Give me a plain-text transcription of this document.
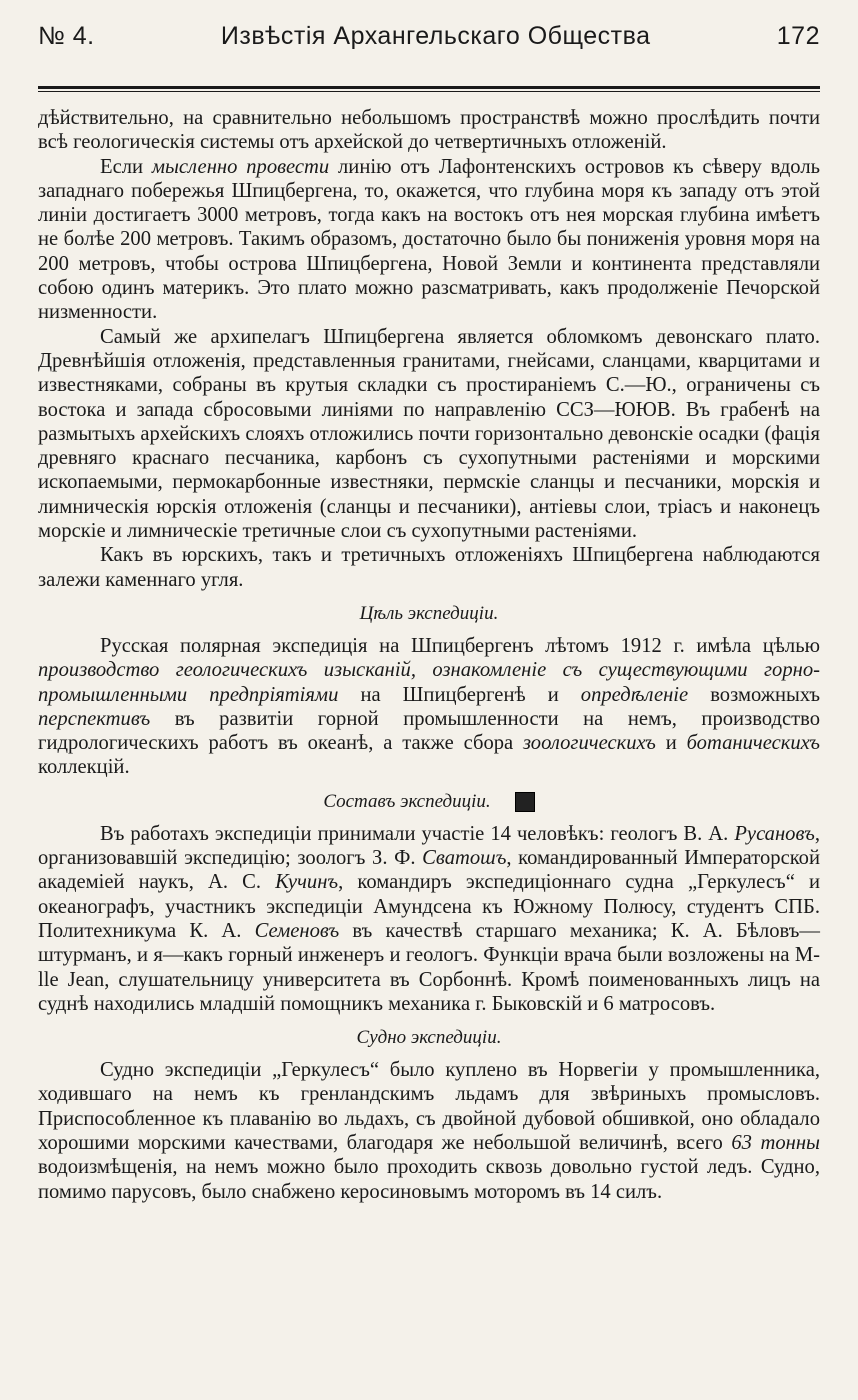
№ 4.	Извѣстія Архангельскаго Общества	172

дѣйствительно, на сравнительно небольшомъ пространствѣ можно прослѣдить почти всѣ геологическія системы отъ архейской до четвертичныхъ отложеній.

Если мысленно провести линію отъ Лафонтенскихъ островов къ сѣверу вдоль западнаго побережья Шпицбергена, то, окажется, что глубина моря къ западу отъ этой линіи достигаетъ 3000 метровъ, тогда какъ на востокъ отъ нея морская глубина имѣетъ не болѣе 200 метровъ. Такимъ образомъ, достаточно было бы пониженія уровня моря на 200 метровъ, чтобы острова Шпицбергена, Новой Земли и континента представляли собою одинъ материкъ. Это плато можно разсматривать, какъ продолженіе Печорской низменности.

Самый же архипелагъ Шпицбергена является обломкомъ девонскаго плато. Древнѣйшія отложенія, представленныя гранитами, гнейсами, сланцами, кварцитами и известняками, собраны въ крутыя складки съ простираніемъ С.—Ю., ограничены съ востока и запада сбросовыми линіями по направленію ССЗ—ЮЮВ. Въ грабенѣ на размытыхъ архейскихъ слояхъ отложились почти горизонтально девонскіе осадки (фація древняго краснаго песчаника, карбонъ съ сухопутными растеніями и морскими ископаемыми, пермокарбонные известняки, пермскіе сланцы и песчаники, морскія и лимническія юрскія отложенія (сланцы и песчаники), антіевы слои, тріасъ и наконецъ морскіе и лимническіе третичные слои съ сухопутными растеніями.

Какъ въ юрскихъ, такъ и третичныхъ отложеніяхъ Шпицбергена наблюдаются залежи каменнаго угля.

Цѣль экспедиціи.

Русская полярная экспедиція на Шпицбергенъ лѣтомъ 1912 г. имѣла цѣлью производство геологическихъ изысканій, ознакомленіе съ существующими горно-промышленными предпріятіями на Шпицбергенѣ и опредѣленіе возможныхъ перспективъ въ развитіи горной промышленности на немъ, производство гидрологическихъ работъ въ океанѣ, а также сбора зоологическихъ и ботаническихъ коллекцій.

Составъ экспедиціи.

Въ работахъ экспедиціи принимали участіе 14 человѣкъ: геологъ В. А. Русановъ, организовавшій экспедицію; зоологъ З. Ф. Сватошъ, командированный Императорской академіей наукъ, А. С. Кучинъ, командиръ экспедиціоннаго судна „Геркулесъ“ и океанографъ, участникъ экспедиціи Амундсена къ Южному Полюсу, студентъ СПБ. Политехникума К. А. Семеновъ въ качествѣ старшаго механика; К. А. Бѣловъ—штурманъ, и я—какъ горный инженеръ и геологъ. Функціи врача были возложены на M-lle Jean, слушательницу университета въ Сорбоннѣ. Кромѣ поименованныхъ лицъ на суднѣ находились младшій помощникъ механика г. Быковскій и 6 матросовъ.

Судно экспедиціи.

Судно экспедиціи „Геркулесъ“ было куплено въ Норвегіи у промышленника, ходившаго на немъ къ гренландскимъ льдамъ для звѣриныхъ промысловъ. Приспособленное къ плаванію во льдахъ, съ двойной дубовой обшивкой, оно обладало хорошими морскими качествами, благодаря же небольшой величинѣ, всего 63 тонны водоизмѣщенія, на немъ можно было проходить сквозь довольно густой ледъ. Судно, помимо парусовъ, было снабжено керосиновымъ моторомъ въ 14 силъ.
